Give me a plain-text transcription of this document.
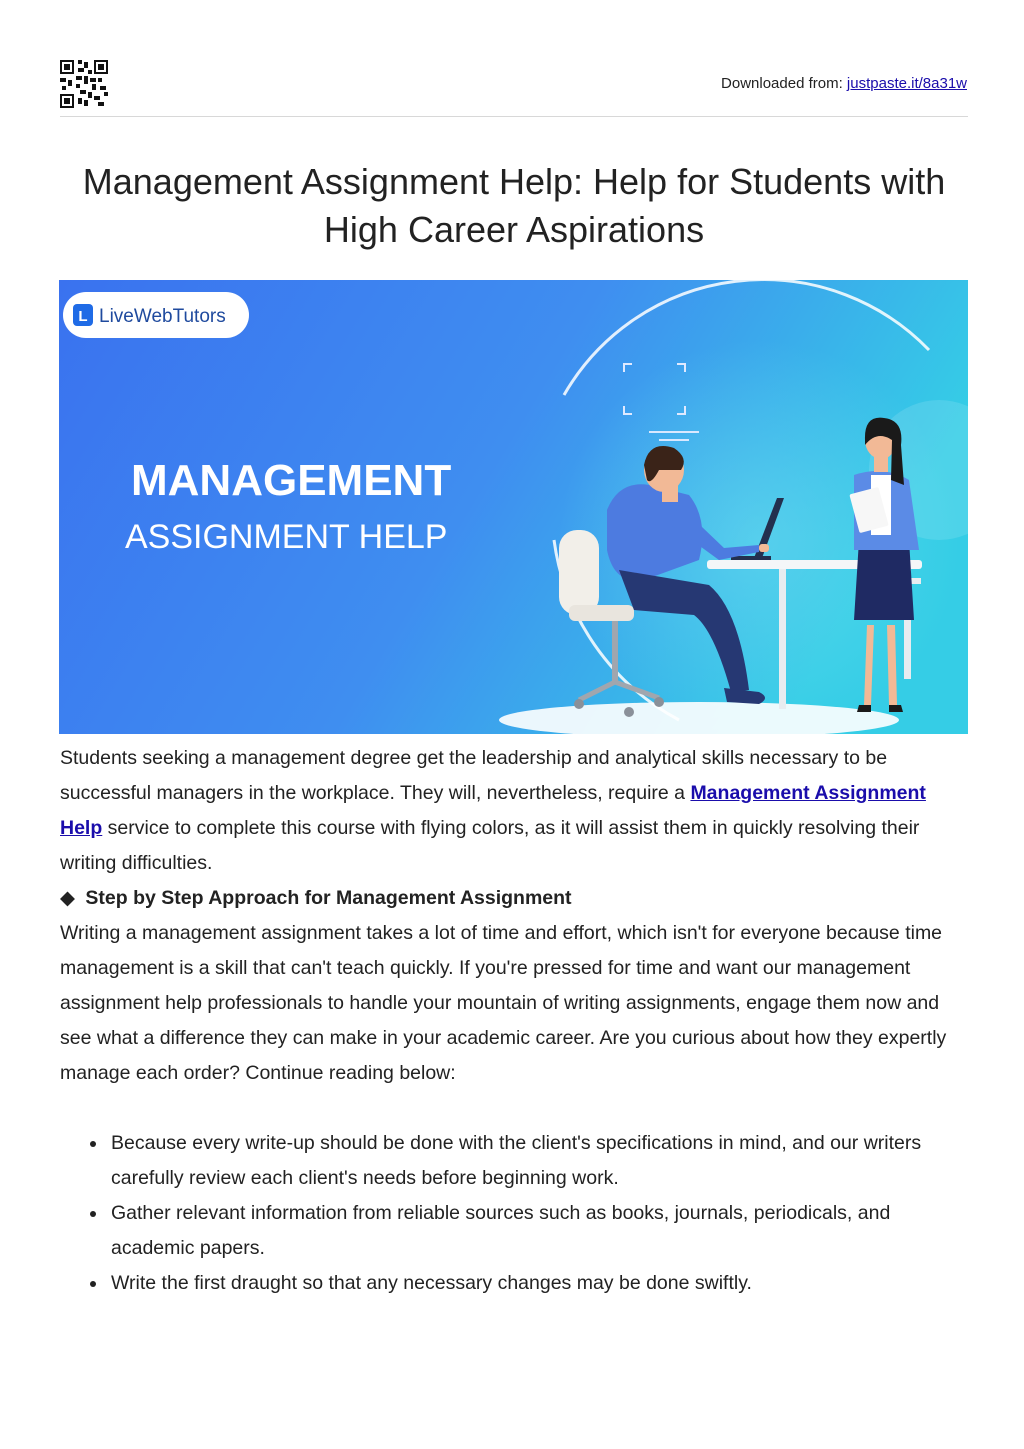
Downloaded from: justpaste.it/8a31w
Management Assignment Help: Help for Students with High Career Aspirations
L LiveWebTutors
MANAGEMENT
ASSIGNMENT HELP

Students seeking a management degree get the leadership and analytical skills necessary to be successful managers in the workplace. They will, nevertheless, require a Management Assignment Help service to complete this course with flying colors, as it will assist them in quickly resolving their writing difficulties.

◆ Step by Step Approach for Management Assignment

Writing a management assignment takes a lot of time and effort, which isn't for everyone because time management is a skill that can't teach quickly. If you're pressed for time and want our management assignment help professionals to handle your mountain of writing assignments, engage them now and see what a difference they can make in your academic career. Are you curious about how they expertly manage each order? Continue reading below:

Because every write-up should be done with the client's specifications in mind, and our writers carefully review each client's needs before beginning work.
Gather relevant information from reliable sources such as books, journals, periodicals, and academic papers.
Write the first draught so that any necessary changes may be done swiftly.
